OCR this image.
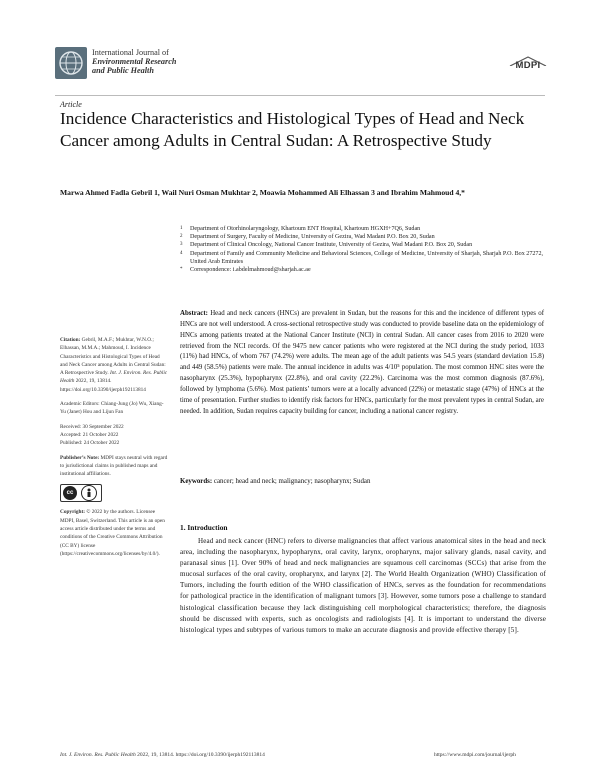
International Journal of
Environmental Research
and Public Health	MDPI
Article
Incidence Characteristics and Histological Types of Head and Neck Cancer among Adults in Central Sudan: A Retrospective Study
Marwa Ahmed Fadla Gebril 1, Wail Nuri Osman Mukhtar 2, Moawia Mohammed Ali Elhassan 3 and Ibrahim Mahmoud 4,*
1 Department of Otorhinolaryngology, Khartoum ENT Hospital, Khartoum HGXH+7Q6, Sudan
2 Department of Surgery, Faculty of Medicine, University of Gezira, Wad Madani P.O. Box 20, Sudan
3 Department of Clinical Oncology, National Cancer Institute, University of Gezira, Wad Madani P.O. Box 20, Sudan
4 Department of Family and Community Medicine and Behavioral Sciences, College of Medicine, University of Sharjah, Sharjah P.O. Box 27272, United Arab Emirates
* Correspondence: i.abdelmahmoud@sharjah.ac.ae
Citation: Gebril, M.A.F.; Mukhtar, W.N.O.; Elhassan, M.M.A.; Mahmoud, I. Incidence Characteristics and Histological Types of Head and Neck Cancer among Adults in Central Sudan: A Retrospective Study. Int. J. Environ. Res. Public Health 2022, 19, 13814. https://doi.org/10.3390/ijerph192113814
Academic Editors: Chiang-Jung (Jo) Wu, Xiang-Yu (Janet) Hou and Lijun Fan
Received: 30 September 2022
Accepted: 21 October 2022
Published: 24 October 2022
Publisher’s Note: MDPI stays neutral with regard to jurisdictional claims in published maps and institutional affiliations.
cc
Copyright: © 2022 by the authors. Licensee MDPI, Basel, Switzerland. This article is an open access article distributed under the terms and conditions of the Creative Commons Attribution (CC BY) license (https://creativecommons.org/licenses/by/4.0/).
Abstract: Head and neck cancers (HNCs) are prevalent in Sudan, but the reasons for this and the incidence of different types of HNCs are not well understood. A cross-sectional retrospective study was conducted to provide baseline data on the epidemiology of HNCs among patients treated at the National Cancer Institute (NCI) in central Sudan. All cancer cases from 2016 to 2020 were retrieved from the NCI records. Of the 9475 new cancer patients who were registered at the NCI during the study period, 1033 (11%) had HNCs, of whom 767 (74.2%) were adults. The mean age of the adult patients was 54.5 years (standard deviation 15.8) and 449 (58.5%) patients were male. The annual incidence in adults was 4/10⁵ population. The most common HNC sites were the nasopharynx (25.3%), hypopharynx (22.8%), and oral cavity (22.2%). Carcinoma was the most common diagnosis (87.6%), followed by lymphoma (5.6%). Most patients’ tumors were at a locally advanced (22%) or metastatic stage (47%) of HNCs at the time of presentation. Further studies to identify risk factors for HNCs, particularly for the most prevalent types in central Sudan, are needed. In addition, Sudan requires capacity building for cancer, including a national cancer registry.
Keywords: cancer; head and neck; malignancy; nasopharynx; Sudan
1. Introduction

Head and neck cancer (HNC) refers to diverse malignancies that affect various anatomical sites in the head and neck area, including the nasopharynx, hypopharynx, oral cavity, larynx, oropharynx, major salivary glands, nasal cavity, and paranasal sinus [1]. Over 90% of head and neck malignancies are squamous cell carcinomas (SCCs) that arise from the mucosal surfaces of the oral cavity, oropharynx, and larynx [2]. The World Health Organization (WHO) Classification of Tumors, including the fourth edition of the WHO classification of HNCs, serves as the foundation for recommendations for pathological practice in the identification of malignant tumors [3]. However, some tumors pose a challenge to standard histological classification because they lack distinguishing cell morphological characteristics; therefore, the diagnosis should be discussed with experts, such as oncologists and radiologists [4]. It is important to understand the diverse histological types and subtypes of various tumors to make an accurate diagnosis and provide effective therapy [5].

Int. J. Environ. Res. Public Health 2022, 19, 13814. https://doi.org/10.3390/ijerph192113814	https://www.mdpi.com/journal/ijerph
